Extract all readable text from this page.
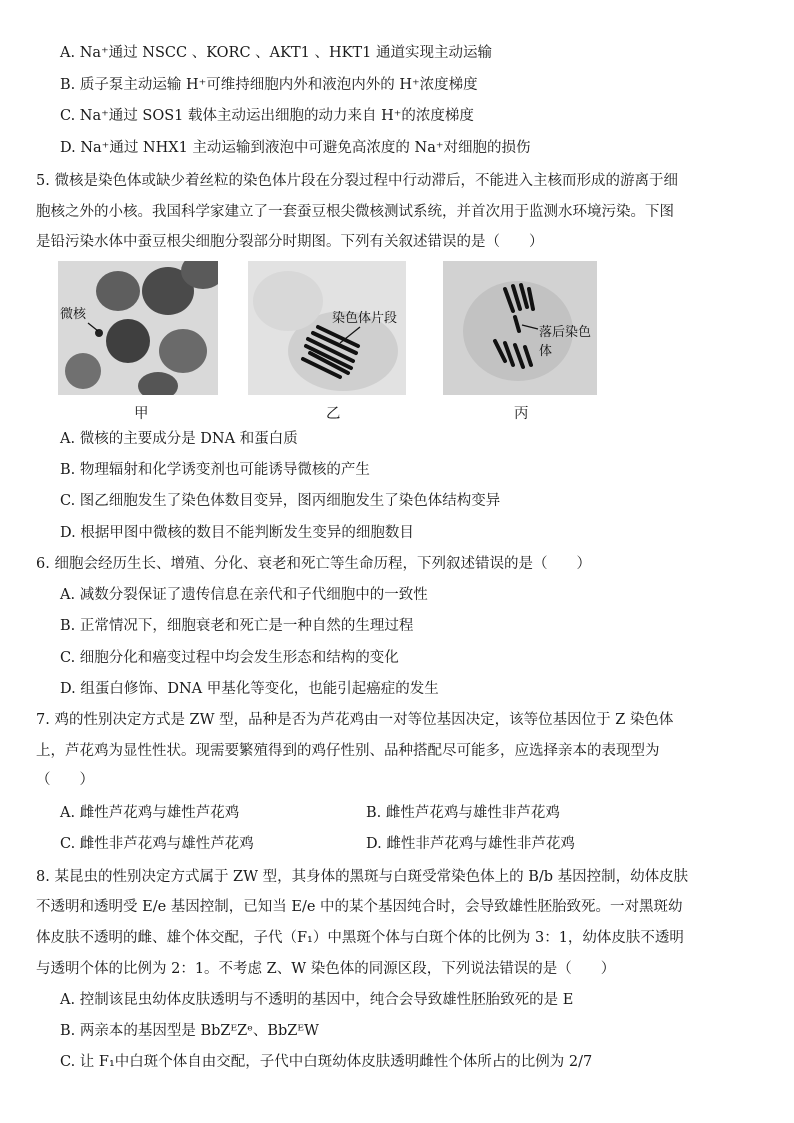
A. Na⁺通过 NSCC 、KORC 、AKT1 、HKT1 通道实现主动运输
B. 质子泵主动运输 H⁺可维持细胞内外和液泡内外的 H⁺浓度梯度
C. Na⁺通过 SOS1 载体主动运出细胞的动力来自 H⁺的浓度梯度
D. Na⁺通过 NHX1 主动运输到液泡中可避免高浓度的 Na⁺对细胞的损伤
5. 微核是染色体或缺少着丝粒的染色体片段在分裂过程中行动滞后，不能进入主核而形成的游离于细
胞核之外的小核。我国科学家建立了一套蚕豆根尖微核测试系统，并首次用于监测水环境污染。下图
是铅污染水体中蚕豆根尖细胞分裂部分时期图。下列有关叙述错误的是（　　）
微核	染色体片段
落后染色体
甲	乙	丙
A. 微核的主要成分是 DNA 和蛋白质
B. 物理辐射和化学诱变剂也可能诱导微核的产生
C. 图乙细胞发生了染色体数目变异，图丙细胞发生了染色体结构变异
D. 根据甲图中微核的数目不能判断发生变异的细胞数目
6. 细胞会经历生长、增殖、分化、衰老和死亡等生命历程，下列叙述错误的是（　　）
A. 减数分裂保证了遗传信息在亲代和子代细胞中的一致性
B. 正常情况下，细胞衰老和死亡是一种自然的生理过程
C. 细胞分化和癌变过程中均会发生形态和结构的变化
D. 组蛋白修饰、DNA 甲基化等变化，也能引起癌症的发生
7. 鸡的性别决定方式是 ZW 型，品种是否为芦花鸡由一对等位基因决定，该等位基因位于 Z 染色体
上，芦花鸡为显性性状。现需要繁殖得到的鸡仔性别、品种搭配尽可能多，应选择亲本的表现型为
（　　）
A. 雌性芦花鸡与雄性芦花鸡	B. 雌性芦花鸡与雄性非芦花鸡
C. 雌性非芦花鸡与雄性芦花鸡	D. 雌性非芦花鸡与雄性非芦花鸡
8. 某昆虫的性别决定方式属于 ZW 型，其身体的黑斑与白斑受常染色体上的 B/b 基因控制，幼体皮肤
不透明和透明受 E/e 基因控制，已知当 E/e 中的某个基因纯合时，会导致雄性胚胎致死。一对黑斑幼
体皮肤不透明的雌、雄个体交配，子代（F₁）中黑斑个体与白斑个体的比例为 3：1，幼体皮肤不透明
与透明个体的比例为 2：1。不考虑 Z、W 染色体的同源区段，下列说法错误的是（　　）
A. 控制该昆虫幼体皮肤透明与不透明的基因中，纯合会导致雄性胚胎致死的是 E
B. 两亲本的基因型是 BbZᴱZᵉ、BbZᴱW
C. 让 F₁中白斑个体自由交配，子代中白斑幼体皮肤透明雌性个体所占的比例为 2/7
